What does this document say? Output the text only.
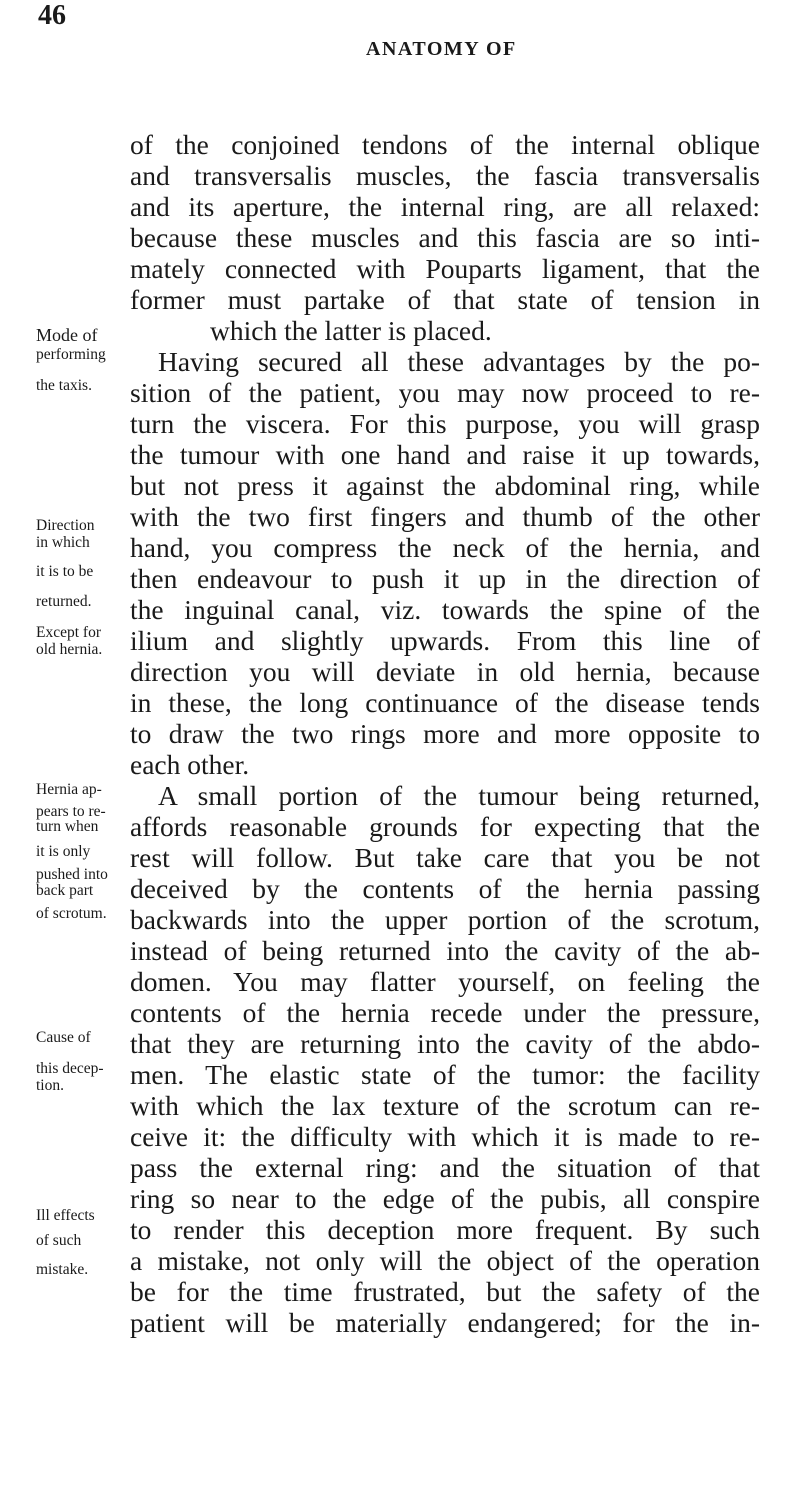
46
ANATOMY OF
of the conjoined tendons of the internal oblique
and transversalis muscles, the fascia transversalis
and its aperture, the internal ring, are all relaxed:
because these muscles and this fascia are so inti-
mately connected with Pouparts ligament, that the
former must partake of that state of tension in
which the latter is placed.
Having secured all these advantages by the po-
sition of the patient, you may now proceed to re-
turn the viscera. For this purpose, you will grasp
the tumour with one hand and raise it up towards,
but not press it against the abdominal ring, while
with the two first fingers and thumb of the other
hand, you compress the neck of the hernia, and
then endeavour to push it up in the direction of
the inguinal canal, viz. towards the spine of the
ilium and slightly upwards. From this line of
direction you will deviate in old hernia, because
in these, the long continuance of the disease tends
to draw the two rings more and more opposite to
each other.
A small portion of the tumour being returned,
affords reasonable grounds for expecting that the
rest will follow. But take care that you be not
deceived by the contents of the hernia passing
backwards into the upper portion of the scrotum,
instead of being returned into the cavity of the ab-
domen. You may flatter yourself, on feeling the
contents of the hernia recede under the pressure,
that they are returning into the cavity of the abdo-
men. The elastic state of the tumor: the facility
with which the lax texture of the scrotum can re-
ceive it: the difficulty with which it is made to re-
pass the external ring: and the situation of that
ring so near to the edge of the pubis, all conspire
to render this deception more frequent. By such
a mistake, not only will the object of the operation
be for the time frustrated, but the safety of the
patient will be materially endangered; for the in-
Mode of
performing
the taxis.
Direction
in which
it is to be
returned.
Except for
old hernia.
Hernia ap-
pears to re-
turn when
it is only
pushed into
back part
of scrotum.
Cause of
this decep-
tion.
Ill effects
of such
mistake.
